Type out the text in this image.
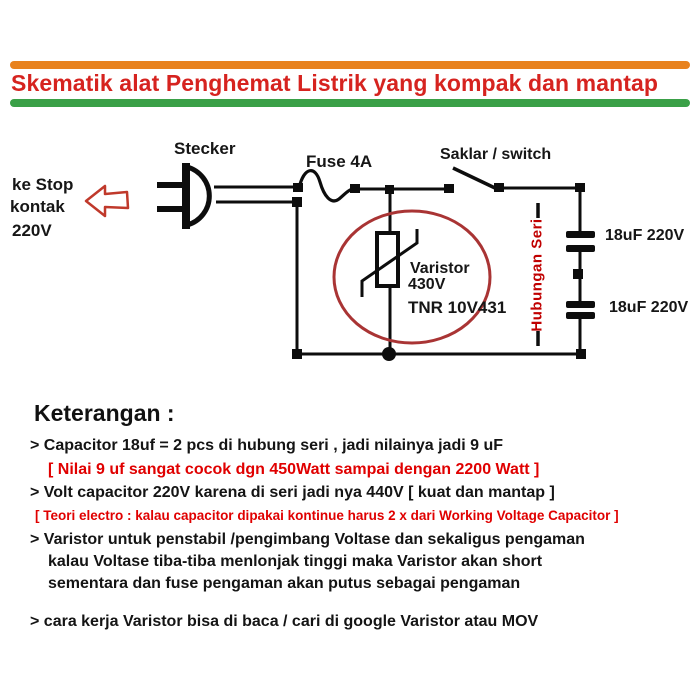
Skematik alat Penghemat Listrik yang kompak dan mantap
Stecker
Fuse 4A	Saklar / switch
ke Stop
kontak
220V
Varistor
430V
TNR 10V431 Hubungan Seri	18uF 220V
18uF 220V
Keterangan :
> Capacitor 18uf = 2 pcs di hubung seri , jadi nilainya jadi 9 uF
[ Nilai 9 uf sangat cocok dgn 450Watt sampai dengan 2200 Watt ]
> Volt capacitor 220V karena di seri jadi nya 440V [ kuat dan mantap ]
[ Teori electro : kalau capacitor dipakai kontinue harus 2 x dari Working Voltage Capacitor ]
> Varistor untuk penstabil /pengimbang Voltase dan sekaligus pengaman
kalau Voltase tiba-tiba menlonjak tinggi maka Varistor akan short
sementara dan fuse pengaman akan putus sebagai pengaman
> cara kerja Varistor bisa di baca / cari di google Varistor atau MOV
